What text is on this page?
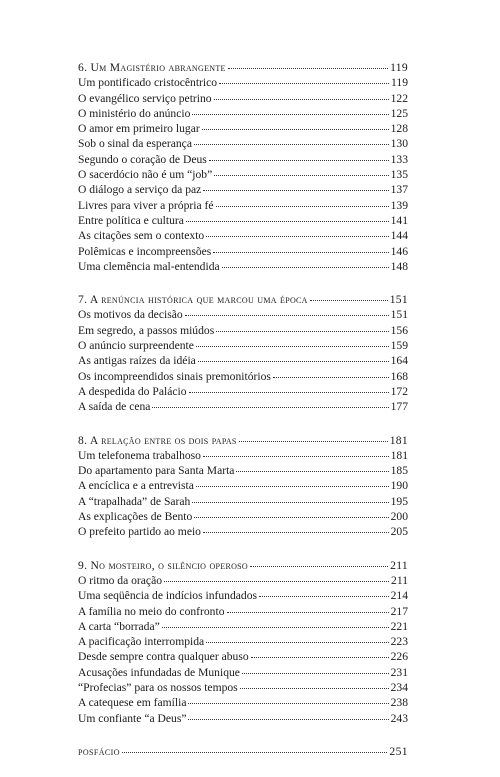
6. Um Magistério abrangente	119
Um pontificado cristocêntrico	119
O evangélico serviço petrino	122
O ministério do anúncio	125
O amor em primeiro lugar	128
Sob o sinal da esperança	130
Segundo o coração de Deus	133
O sacerdócio não é um “job”	135
O diálogo a serviço da paz	137
Livres para viver a própria fé	139
Entre política e cultura	141
As citações sem o contexto	144
Polêmicas e incompreensões	146
Uma clemência mal-entendida	148
7. A renúncia histórica que marcou uma época	151
Os motivos da decisão	151
Em segredo, a passos miúdos	156
O anúncio surpreendente	159
As antigas raízes da idéia	164
Os incompreendidos sinais premonitórios	168
A despedida do Palácio	172
A saída de cena	177
8. A relação entre os dois papas	181
Um telefonema trabalhoso	181
Do apartamento para Santa Marta	185
A encíclica e a entrevista	190
A “trapalhada” de Sarah	195
As explicações de Bento	200
O prefeito partido ao meio	205
9. No mosteiro, o silêncio operoso	211
O ritmo da oração	211
Uma seqüência de indícios infundados	214
A família no meio do confronto	217
A carta “borrada”	221
A pacificação interrompida	223
Desde sempre contra qualquer abuso	226
Acusações infundadas de Munique	231
“Profecias” para os nossos tempos	234
A catequese em família	238
Um confiante “a Deus”	243
posfácio	251
